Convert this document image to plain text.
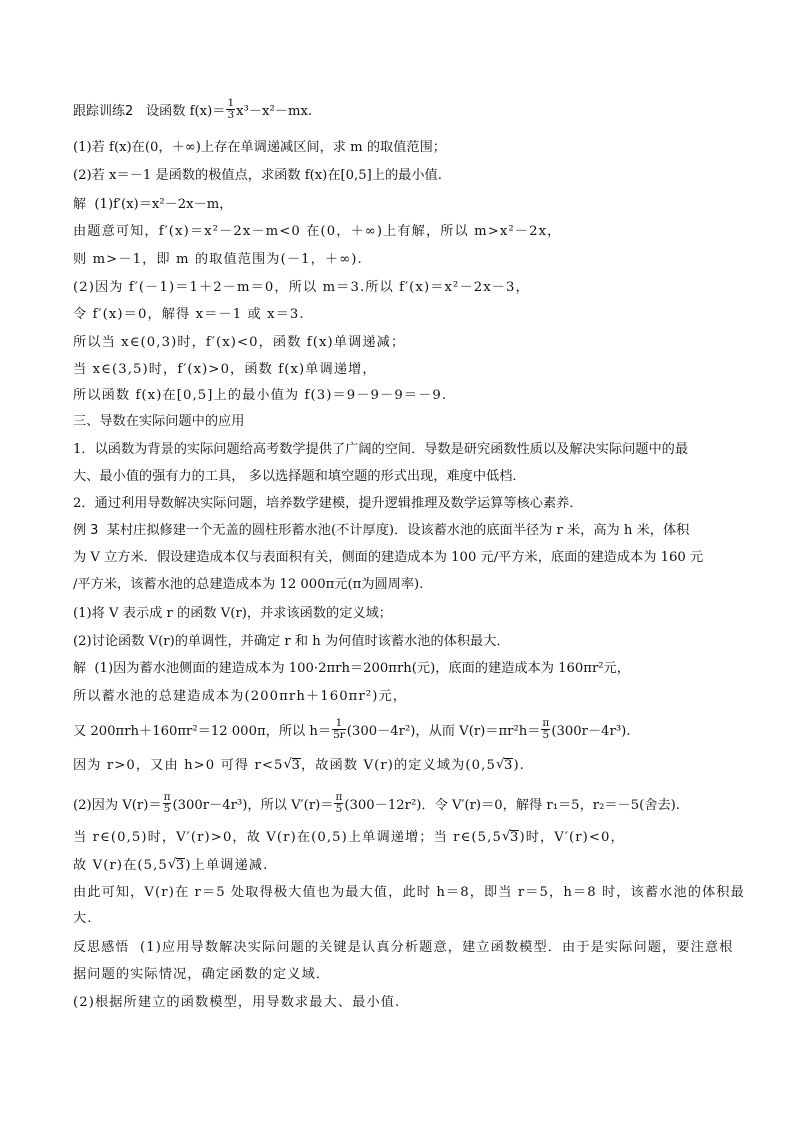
跟踪训练2 设函数 $f(x)= \frac{1}{3} x^3-x^2-mx$.
(1)若 f(x)在(0，＋∞)上存在单调递减区间，求 m 的取值范围；
(2)若 x＝－1 是函数的极值点，求函数 f(x)在[0,5]上的最小值.
解 (1)f′(x)＝x²－2x－m，
由题意可知，f′(x)＝x²－2x－m<0 在(0，＋∞)上有解，所以 m>x²－2x，
则 m>－1，即 m 的取值范围为(－1，＋∞).
(2)因为 f′(－1)＝1＋2－m＝0，所以 m＝3.所以 f′(x)＝x²－2x－3，
令 f′(x)＝0，解得 x＝－1 或 x＝3.
所以当 x∈(0,3)时，f′(x)<0，函数 f(x)单调递减；
当 x∈(3,5)时，f′(x)>0，函数 f(x)单调递增，
所以函数 f(x)在[0,5]上的最小值为 f(3)＝9－9－9＝－9.
三、导数在实际问题中的应用
1．以函数为背景的实际问题给高考数学提供了广阔的空间．导数是研究函数性质以及解决实际问题中的最
大、最小值的强有力的工具， 多以选择题和填空题的形式出现，难度中低档．
2．通过利用导数解决实际问题，培养数学建模，提升逻辑推理及数学运算等核心素养．
例 3 某村庄拟修建一个无盖的圆柱形蓄水池(不计厚度)．设该蓄水池的底面半径为 r 米，高为 h 米，体积
为 V 立方米．假设建造成本仅与表面积有关，侧面的建造成本为 100 元/平方米，底面的建造成本为 160 元
/平方米，该蓄水池的总建造成本为 12 000π元(π为圆周率).
(1)将 V 表示成 r 的函数 V(r)，并求该函数的定义域；
(2)讨论函数 V(r)的单调性，并确定 r 和 h 为何值时该蓄水池的体积最大．
解 (1)因为蓄水池侧面的建造成本为 100·2πrh＝200πrh(元)，底面的建造成本为 160πr²元，
所以蓄水池的总建造成本为(200πrh＋160πr²)元，
又 200πrh＋160πr²＝12 000π，所以 $h= \frac{1}{5r} (300-4r^2)$，从而 $V(r)=\pi r^2h= \frac{\pi}{5} (300r-4r^3)$.
因为 r>0，又由 h>0 可得 r<5 √
3，故函数 V(r)的定义域为(0,5 √
3).
(2)因为 $V(r)= \frac{\pi}{5} (300r-4r^3)$，所以 $V'(r)= \frac{\pi}{5} (300-12r^2)$．令 V′(r)＝0，解得 r₁＝5，r₂＝－5(舍去).
当 r∈(0,5)时，V′(r)>0，故 V(r)在(0,5)上单调递增；当 r∈(5,5 √
3)时，V′(r)<0，
故 V(r)在(5,5 √
3)上单调递减.
由此可知，V(r)在 r＝5 处取得极大值也为最大值，此时 h＝8，即当 r＝5，h＝8 时，该蓄水池的体积最
大.
反思感悟 (1)应用导数解决实际问题的关键是认真分析题意，建立函数模型．由于是实际问题，要注意根
据问题的实际情况，确定函数的定义域．
(2)根据所建立的函数模型，用导数求最大、最小值.
